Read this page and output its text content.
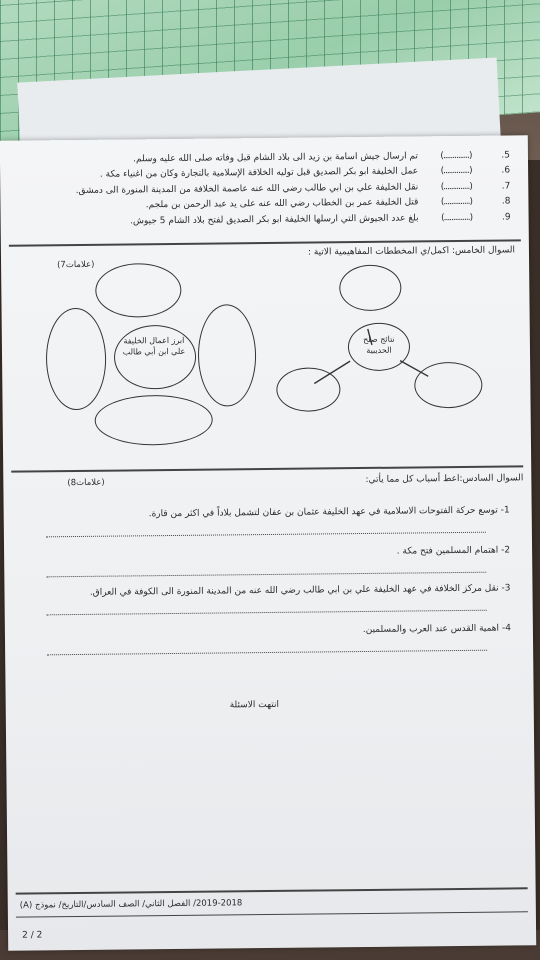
5.
(..............)
تم ارسال جيش أسامة بن زيد الى بلاد الشام قبل وفاته صلى الله عليه وسلم.
6.
(..............)
عمل الخليفة أبو بكر الصديق قبل توليه الخلافة الإسلامية بالتجارة وكان من أغنياء مكة .
7.
(..............)
نقل الخليفة علي بن أبي طالب رضي الله عنه عاصمة الخلافة من المدينة المنورة الى دمشق.
8.
(..............)
قتل الخليفة عمر بن الخطاب رضي الله عنه على يد عبد الرحمن بن ملجم.
9.
(..............)
بلغ عدد الجيوش التي ارسلها الخليفة أبو بكر الصديق لفتح بلاد الشام 5 جيوش.
السوال الخامس: اكمل/ي المخططات المفاهيمية الاتية :
(7علامات)
نتائج صلح الحديبية
ابرز اعمال الخليفة علي ابن أبي طالب
السوال السادس:اعط أسباب كل مما يأتي:
(8علامات)
1- توسع حركة الفتوحات الاسلامية في عهد الخليفة عثمان بن عفان لتشمل بلاداً في اكثر من قارة.
2- اهتمام المسلمين فتح مكة .
3- نقل مركز الخلافة في عهد الخليفة علي بن ابي طالب رضي الله عنه من المدينة المنورة الى الكوفة في العراق.
4- اهمية القدس عند العرب والمسلمين.
انتهت الاسئلة
2019-2018/ الفصل الثاني/ الصف السادس/التاريخ/ نموذج (A)
2 / 2
